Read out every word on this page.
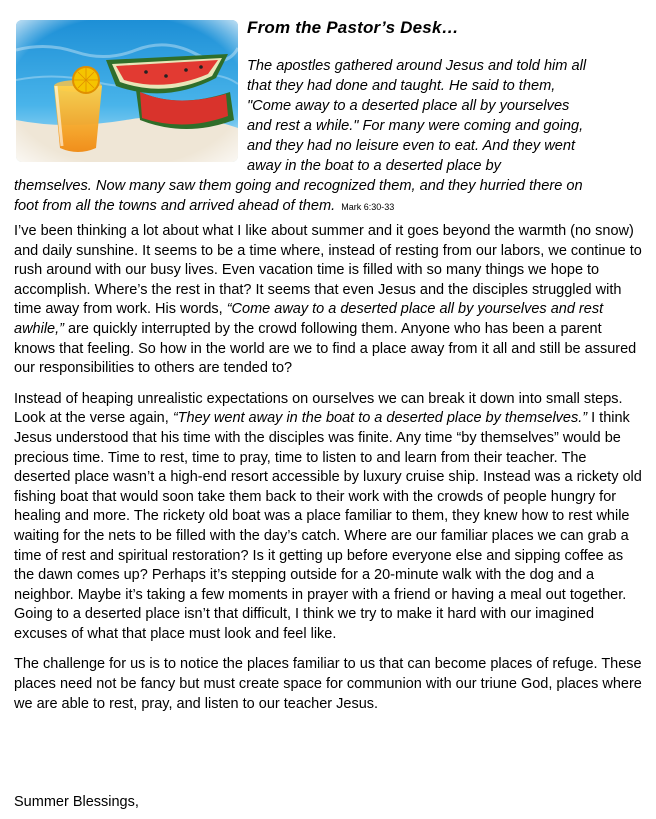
From the Pastor’s Desk…
The apostles gathered around Jesus and told him all
that they had done and taught. He said to them,
"Come away to a deserted place all by yourselves
and rest a while." For many were coming and going,
and they had no leisure even to eat. And they went
away in the boat to a deserted place by
themselves. Now many saw them going and recognized them, and they hurried there on
foot from all the towns and arrived ahead of them. Mark 6:30-33

I’ve been thinking a lot about what I like about summer and it goes beyond the warmth (no snow) and daily sunshine. It seems to be a time where, instead of resting from our labors, we continue to rush around with our busy lives. Even vacation time is filled with so many things we hope to accomplish. Where’s the rest in that? It seems that even Jesus and the disciples struggled with time away from work. His words, “Come away to a deserted place all by yourselves and rest awhile,” are quickly interrupted by the crowd following them. Anyone who has been a parent knows that feeling. So how in the world are we to find a place away from it all and still be assured our responsibilities to others are tended to?

Instead of heaping unrealistic expectations on ourselves we can break it down into small steps. Look at the verse again, “They went away in the boat to a deserted place by themselves.” I think Jesus understood that his time with the disciples was finite. Any time “by themselves” would be precious time. Time to rest, time to pray, time to listen to and learn from their teacher. The deserted place wasn’t a high-end resort accessible by luxury cruise ship. Instead was a rickety old fishing boat that would soon take them back to their work with the crowds of people hungry for healing and more. The rickety old boat was a place familiar to them, they knew how to rest while waiting for the nets to be filled with the day’s catch. Where are our familiar places we can grab a time of rest and spiritual restoration? Is it getting up before everyone else and sipping coffee as the dawn comes up? Perhaps it’s stepping outside for a 20-minute walk with the dog and a neighbor. Maybe it’s taking a few moments in prayer with a friend or having a meal out together. Going to a deserted place isn’t that difficult, I think we try to make it hard with our imagined excuses of what that place must look and feel like.

The challenge for us is to notice the places familiar to us that can become places of refuge. These places need not be fancy but must create space for communion with our triune God, places where we are able to rest, pray, and listen to our teacher Jesus.

Summer Blessings,
